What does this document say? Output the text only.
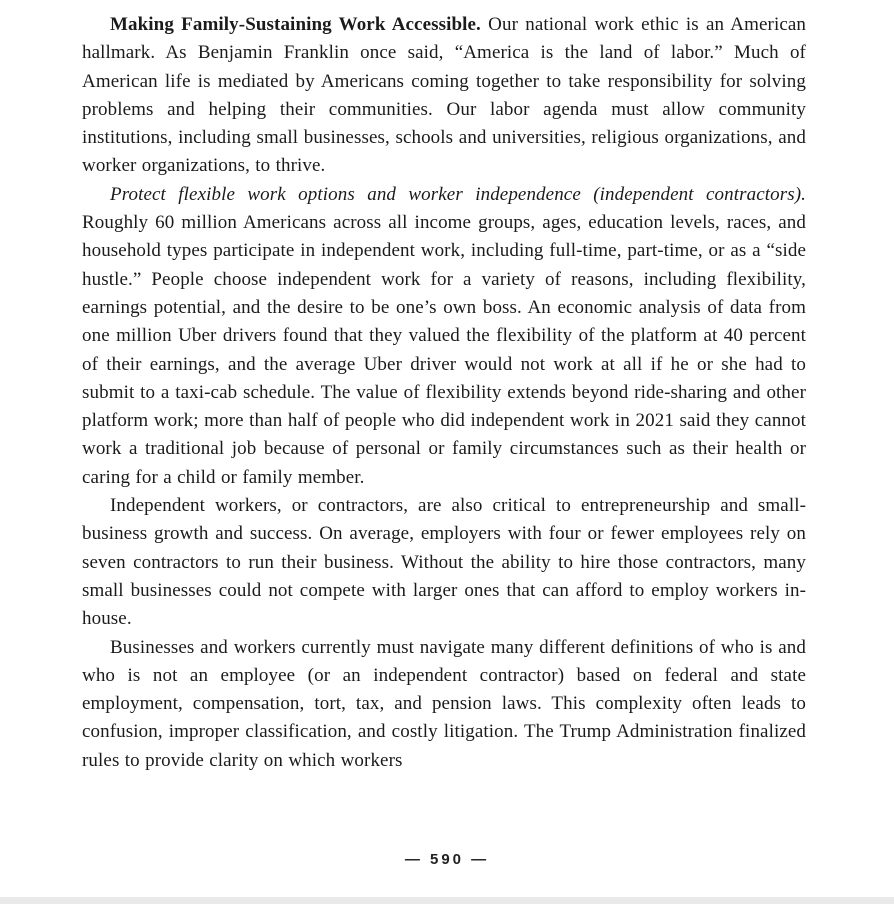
Making Family-Sustaining Work Accessible. Our national work ethic is an American hallmark. As Benjamin Franklin once said, “America is the land of labor.” Much of American life is mediated by Americans coming together to take responsibility for solving problems and helping their communities. Our labor agenda must allow community institutions, including small businesses, schools and universities, religious organizations, and worker organizations, to thrive.

Protect flexible work options and worker independence (independent contractors). Roughly 60 million Americans across all income groups, ages, education levels, races, and household types participate in independent work, including full-time, part-time, or as a “side hustle.” People choose independent work for a variety of reasons, including flexibility, earnings potential, and the desire to be one’s own boss. An economic analysis of data from one million Uber drivers found that they valued the flexibility of the platform at 40 percent of their earnings, and the average Uber driver would not work at all if he or she had to submit to a taxi-cab schedule. The value of flexibility extends beyond ride-sharing and other platform work; more than half of people who did independent work in 2021 said they cannot work a traditional job because of personal or family circumstances such as their health or caring for a child or family member.

Independent workers, or contractors, are also critical to entrepreneurship and small-business growth and success. On average, employers with four or fewer employees rely on seven contractors to run their business. Without the ability to hire those contractors, many small businesses could not compete with larger ones that can afford to employ workers in-house.

Businesses and workers currently must navigate many different definitions of who is and who is not an employee (or an independent contractor) based on federal and state employment, compensation, tort, tax, and pension laws. This complexity often leads to confusion, improper classification, and costly litigation. The Trump Administration finalized rules to provide clarity on which workers

— 590 —
